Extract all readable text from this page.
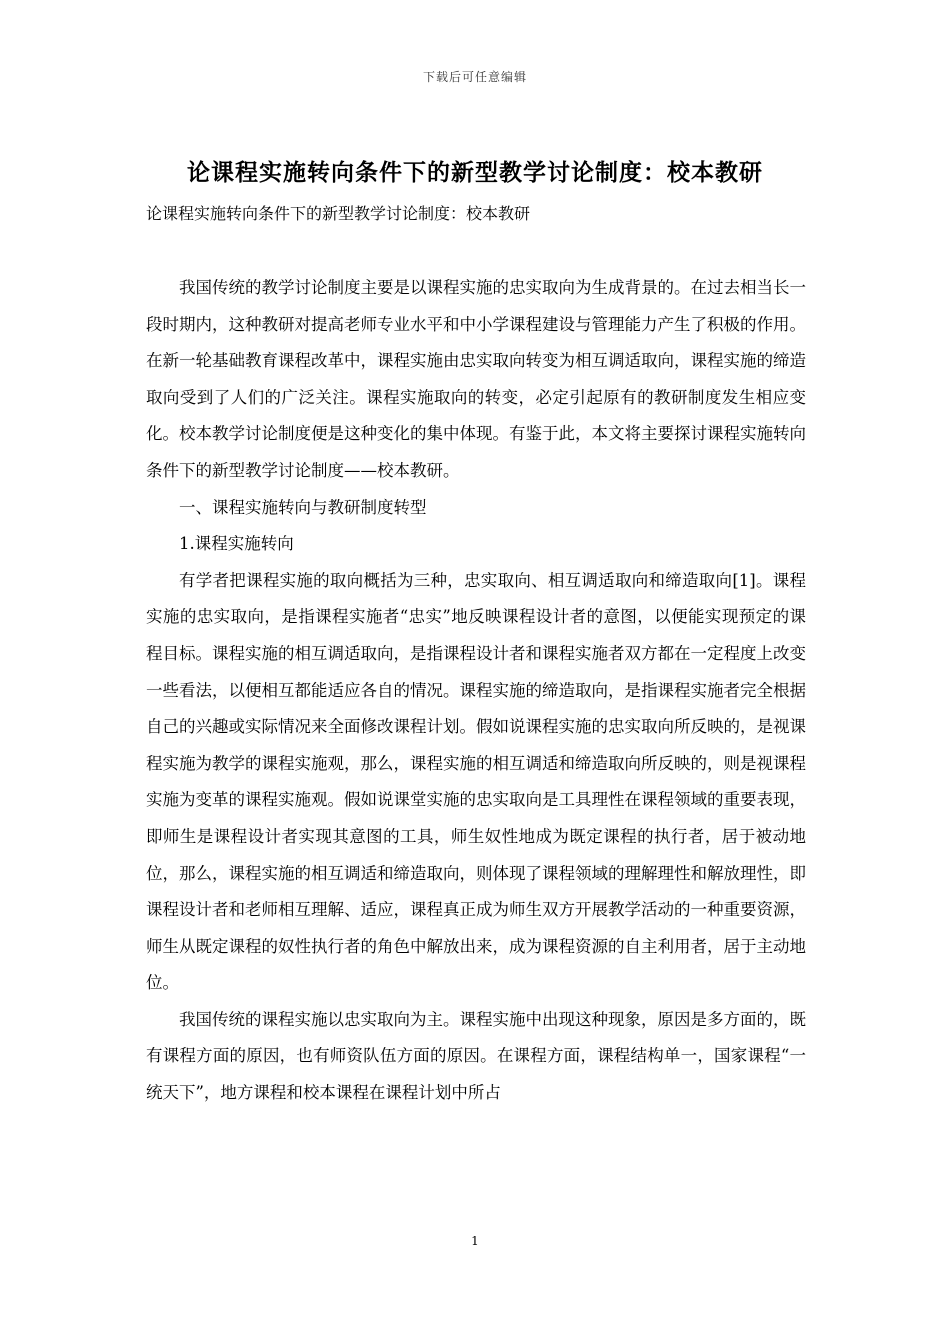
下载后可任意编辑
论课程实施转向条件下的新型教学讨论制度：校本教研

论课程实施转向条件下的新型教学讨论制度：校本教研

我国传统的教学讨论制度主要是以课程实施的忠实取向为生成背景的。在过去相当长一段时期内，这种教研对提高老师专业水平和中小学课程建设与管理能力产生了积极的作用。在新一轮基础教育课程改革中，课程实施由忠实取向转变为相互调适取向，课程实施的缔造取向受到了人们的广泛关注。课程实施取向的转变，必定引起原有的教研制度发生相应变化。校本教学讨论制度便是这种变化的集中体现。有鉴于此，本文将主要探讨课程实施转向条件下的新型教学讨论制度——校本教研。

一、课程实施转向与教研制度转型

1.课程实施转向

有学者把课程实施的取向概括为三种，忠实取向、相互调适取向和缔造取向[1]。课程实施的忠实取向，是指课程实施者“忠实”地反映课程设计者的意图，以便能实现预定的课程目标。课程实施的相互调适取向，是指课程设计者和课程实施者双方都在一定程度上改变一些看法，以便相互都能适应各自的情况。课程实施的缔造取向，是指课程实施者完全根据自己的兴趣或实际情况来全面修改课程计划。假如说课程实施的忠实取向所反映的，是视课程实施为教学的课程实施观，那么，课程实施的相互调适和缔造取向所反映的，则是视课程实施为变革的课程实施观。假如说课堂实施的忠实取向是工具理性在课程领域的重要表现，即师生是课程设计者实现其意图的工具，师生奴性地成为既定课程的执行者，居于被动地位，那么，课程实施的相互调适和缔造取向，则体现了课程领域的理解理性和解放理性，即课程设计者和老师相互理解、适应，课程真正成为师生双方开展教学活动的一种重要资源，师生从既定课程的奴性执行者的角色中解放出来，成为课程资源的自主利用者，居于主动地位。

我国传统的课程实施以忠实取向为主。课程实施中出现这种现象，原因是多方面的，既有课程方面的原因，也有师资队伍方面的原因。在课程方面，课程结构单一，国家课程“一统天下”，地方课程和校本课程在课程计划中所占

1
